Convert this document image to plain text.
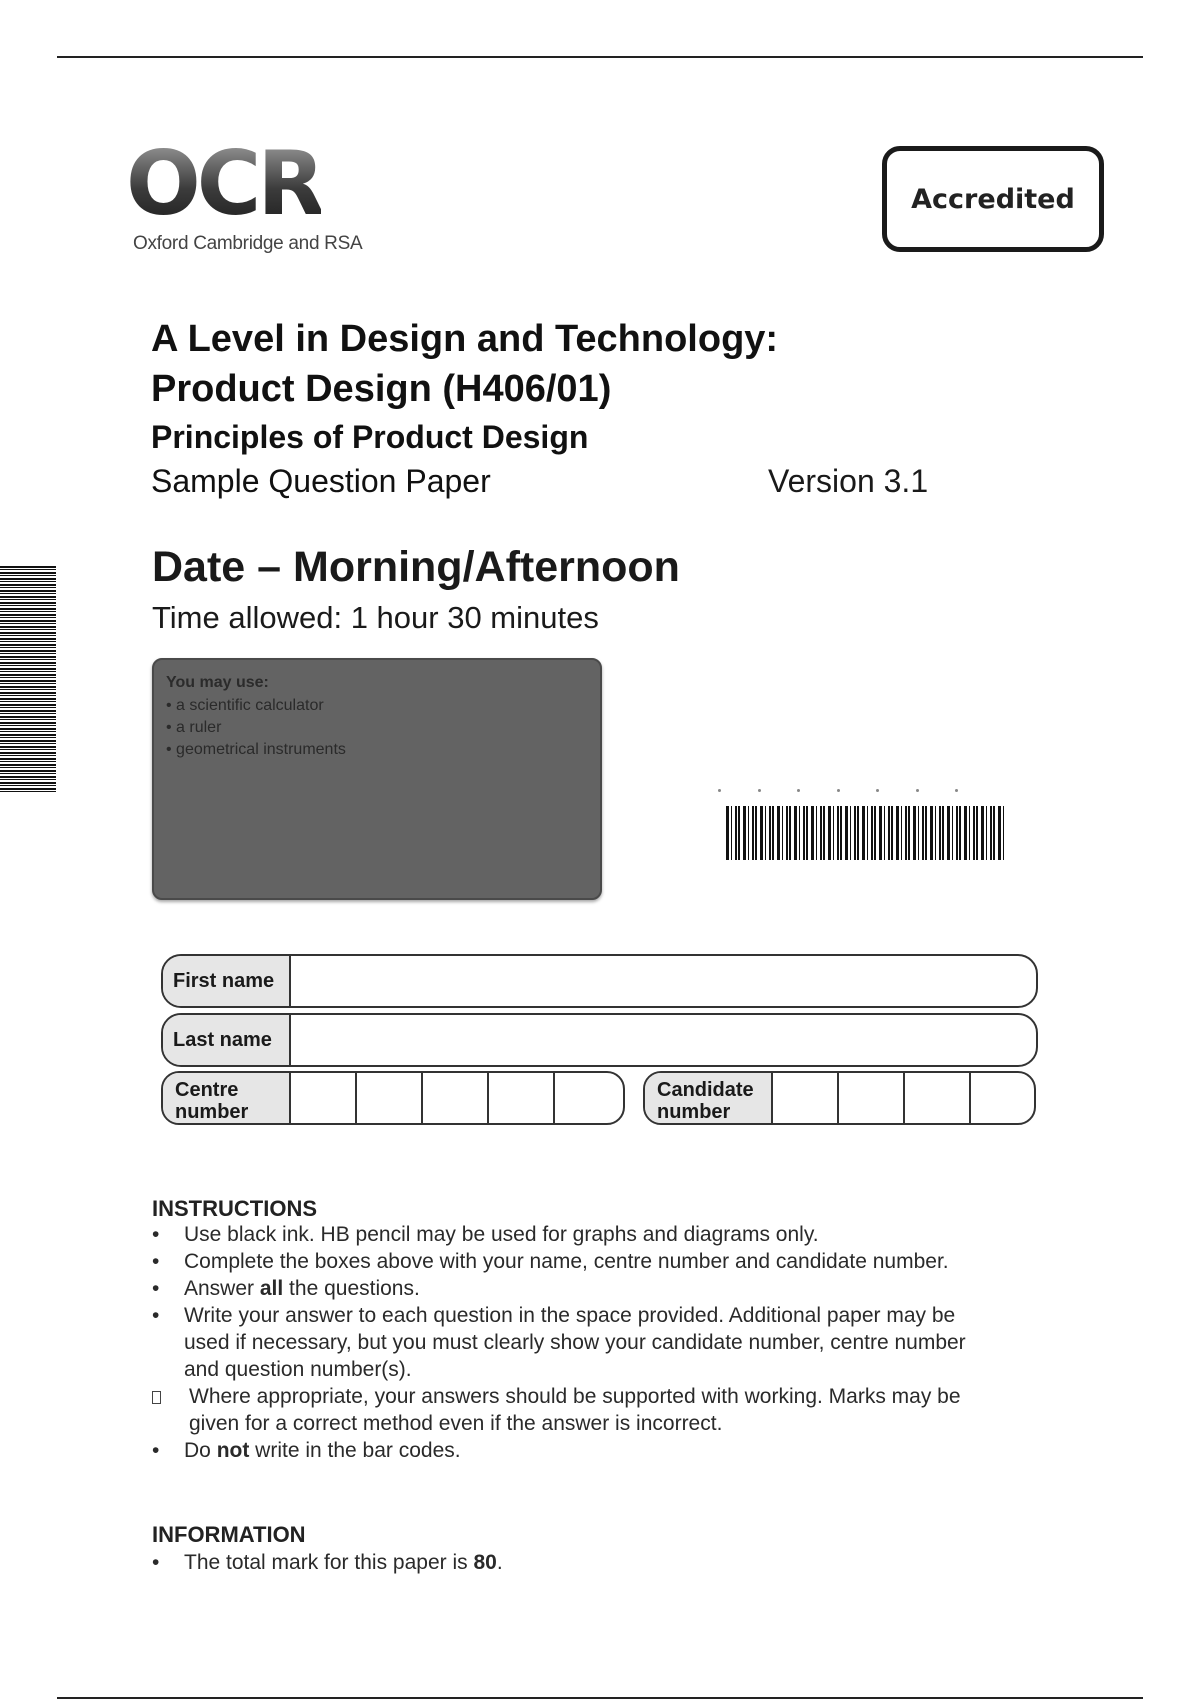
OCR
Oxford Cambridge and RSA
Accredited
A Level in Design and Technology:
Product Design (H406/01)
Principles of Product Design
Sample Question Paper	Version 3.1
Date – Morning/Afternoon
Time allowed: 1 hour 30 minutes
You may use:
• a scientific calculator
• a ruler
• geometrical instruments
First name
Last name
Centre
number
Candidate
number
INSTRUCTIONS
•	Use black ink. HB pencil may be used for graphs and diagrams only.
•	Complete the boxes above with your name, centre number and candidate number.
•	Answer all the questions.
•	Write your answer to each question in the space provided. Additional paper may be used if necessary, but you must clearly show your candidate number, centre number and question number(s).
Where appropriate, your answers should be supported with working. Marks may be given for a correct method even if the answer is incorrect.
•	Do not write in the bar codes.
INFORMATION
•	The total mark for this paper is 80.
